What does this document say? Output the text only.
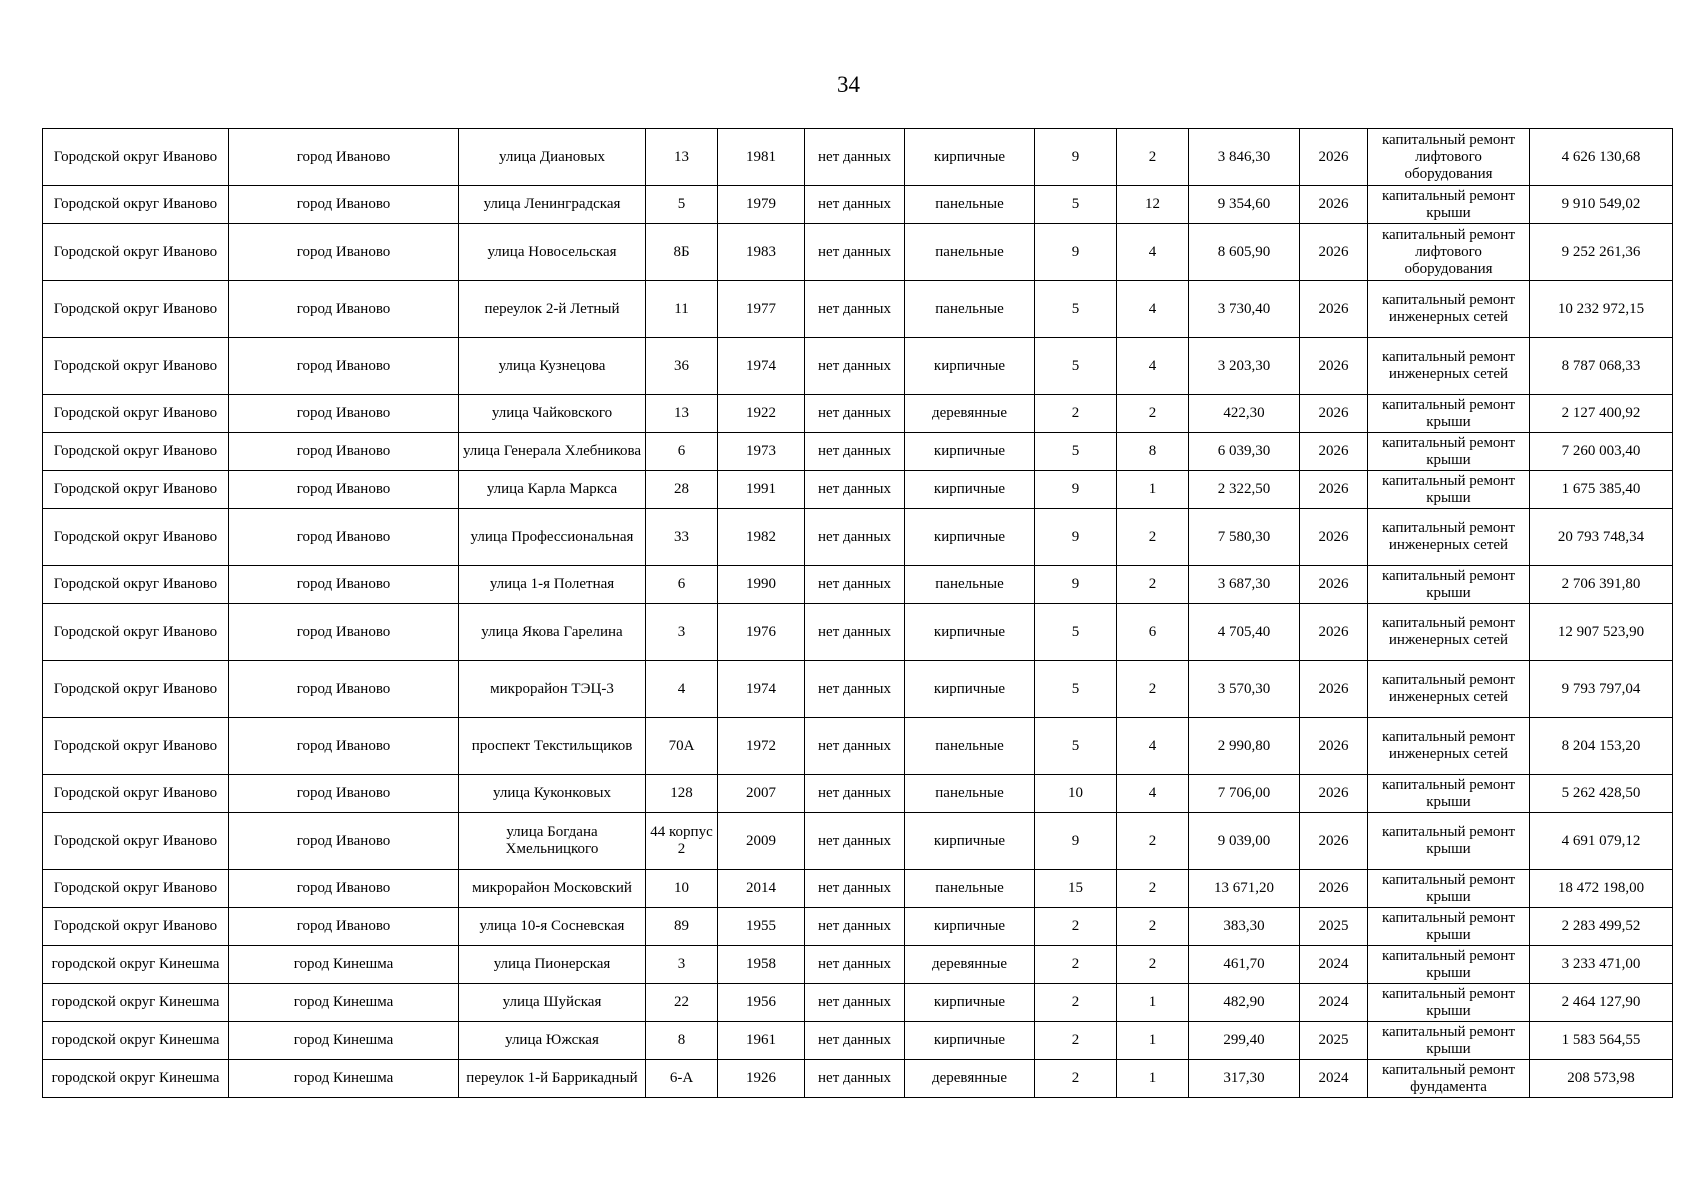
34
Городской округ Иваново	город Иваново	улица Диановых	13	1981	нет данных	кирпичные	9	2	3 846,30	2026	капитальный ремонт лифтового оборудования	4 626 130,68
Городской округ Иваново	город Иваново	улица Ленинградская	5	1979	нет данных	панельные	5	12	9 354,60	2026	капитальный ремонт крыши	9 910 549,02
Городской округ Иваново	город Иваново	улица Новосельская	8Б	1983	нет данных	панельные	9	4	8 605,90	2026	капитальный ремонт лифтового оборудования	9 252 261,36
Городской округ Иваново	город Иваново	переулок 2-й Летный	11	1977	нет данных	панельные	5	4	3 730,40	2026	капитальный ремонт инженерных сетей	10 232 972,15
Городской округ Иваново	город Иваново	улица Кузнецова	36	1974	нет данных	кирпичные	5	4	3 203,30	2026	капитальный ремонт инженерных сетей	8 787 068,33
Городской округ Иваново	город Иваново	улица Чайковского	13	1922	нет данных	деревянные	2	2	422,30	2026	капитальный ремонт крыши	2 127 400,92
Городской округ Иваново	город Иваново	улица Генерала Хлебникова	6	1973	нет данных	кирпичные	5	8	6 039,30	2026	капитальный ремонт крыши	7 260 003,40
Городской округ Иваново	город Иваново	улица Карла Маркса	28	1991	нет данных	кирпичные	9	1	2 322,50	2026	капитальный ремонт крыши	1 675 385,40
Городской округ Иваново	город Иваново	улица Профессиональная	33	1982	нет данных	кирпичные	9	2	7 580,30	2026	капитальный ремонт инженерных сетей	20 793 748,34
Городской округ Иваново	город Иваново	улица 1-я Полетная	6	1990	нет данных	панельные	9	2	3 687,30	2026	капитальный ремонт крыши	2 706 391,80
Городской округ Иваново	город Иваново	улица Якова Гарелина	3	1976	нет данных	кирпичные	5	6	4 705,40	2026	капитальный ремонт инженерных сетей	12 907 523,90
Городской округ Иваново	город Иваново	микрорайон ТЭЦ-3	4	1974	нет данных	кирпичные	5	2	3 570,30	2026	капитальный ремонт инженерных сетей	9 793 797,04
Городской округ Иваново	город Иваново	проспект Текстильщиков	70А	1972	нет данных	панельные	5	4	2 990,80	2026	капитальный ремонт инженерных сетей	8 204 153,20
Городской округ Иваново	город Иваново	улица Куконковых	128	2007	нет данных	панельные	10	4	7 706,00	2026	капитальный ремонт крыши	5 262 428,50
Городской округ Иваново	город Иваново	улица Богдана Хмельницкого	44 корпус 2	2009	нет данных	кирпичные	9	2	9 039,00	2026	капитальный ремонт крыши	4 691 079,12
Городской округ Иваново	город Иваново	микрорайон Московский	10	2014	нет данных	панельные	15	2	13 671,20	2026	капитальный ремонт крыши	18 472 198,00
Городской округ Иваново	город Иваново	улица 10-я Сосневская	89	1955	нет данных	кирпичные	2	2	383,30	2025	капитальный ремонт крыши	2 283 499,52
городской округ Кинешма	город Кинешма	улица Пионерская	3	1958	нет данных	деревянные	2	2	461,70	2024	капитальный ремонт крыши	3 233 471,00
городской округ Кинешма	город Кинешма	улица Шуйская	22	1956	нет данных	кирпичные	2	1	482,90	2024	капитальный ремонт крыши	2 464 127,90
городской округ Кинешма	город Кинешма	улица Южская	8	1961	нет данных	кирпичные	2	1	299,40	2025	капитальный ремонт крыши	1 583 564,55
городской округ Кинешма	город Кинешма	переулок 1-й Баррикадный	6-А	1926	нет данных	деревянные	2	1	317,30	2024	капитальный ремонт фундамента	208 573,98
